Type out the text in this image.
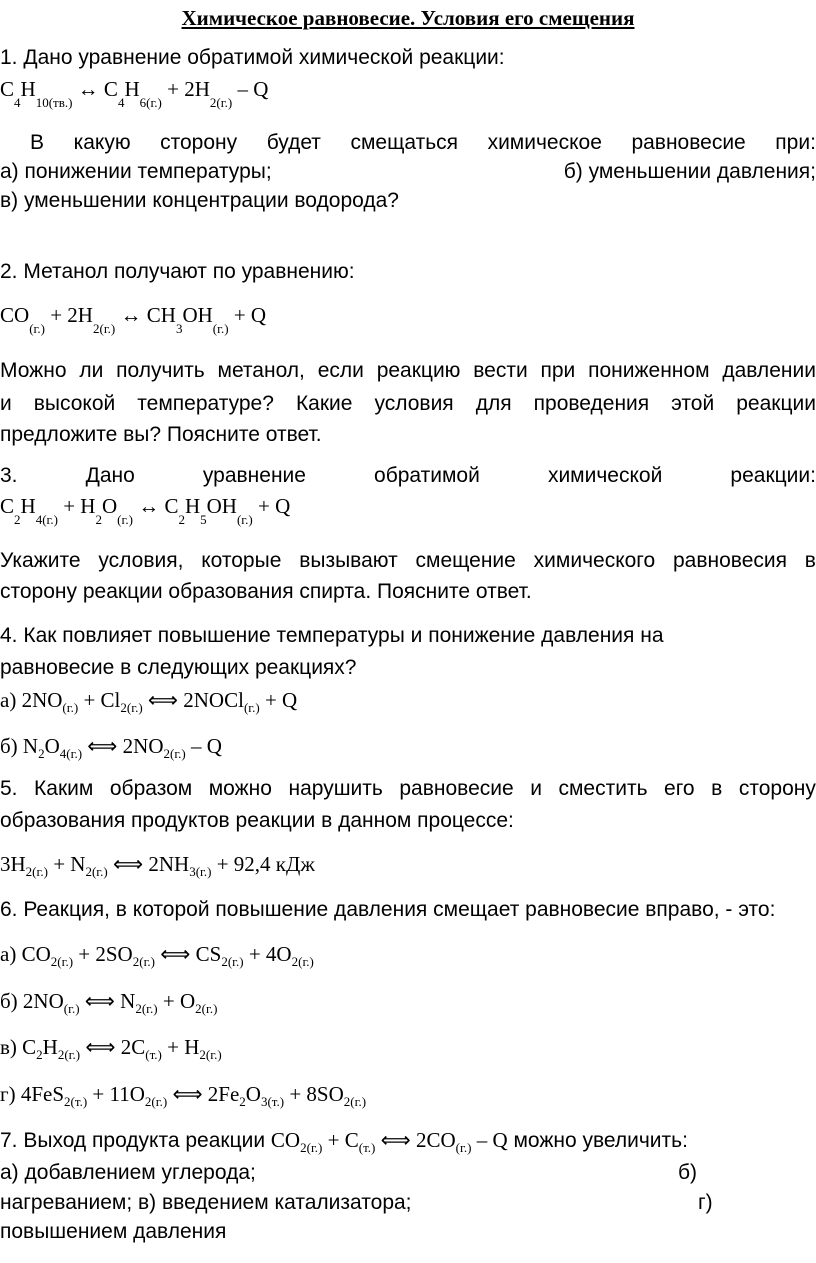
Химическое равновесие. Условия его смещения
1. Дано уравнение обратимой химической реакции:
$C_4H_{10(тв.)}$ ↔ $C_4H_{6(г.)} + 2H_{2(г.)} - Q$
В какую сторону будет смещаться химическое равновесие при:
а) понижении температуры;	б) уменьшении давления;
в) уменьшении концентрации водорода?
2. Метанол получают по уравнению:
$CO_{(г.)} + 2H_{2(г.)}$ ↔ $CH_3OH_{(г.)} + Q$
Можно ли получить метанол, если реакцию вести при пониженном давлении
и высокой температуре? Какие условия для проведения этой реакции
предложите вы? Поясните ответ.
3.	Дано	уравнение	обратимой	химической	реакции:
$C_2H_{4(г.)} + H_2O_{(г.)}$ ↔ $C_2H_5OH_{(г.)} + Q$
Укажите условия, которые вызывают смещение химического равновесия в
сторону реакции образования спирта. Поясните ответ.
4. Как повлияет повышение температуры и понижение давления на
равновесие в следующих реакциях?
а) $2NO_{(г.)} + Cl_{2(г.)}$ ⟺ 2NOCl$_{(г.)}$ + Q
б) $N_2O_{4(г.)}$ ⟺ $2NO_{2(г.)}$ – Q
5. Каким образом можно нарушить равновесие и сместить его в сторону
образования продуктов реакции в данном процессе:
$3H_{2(г.)} + N_{2(г.)}$ ⟺ $2NH_{3(г.)} + 92,4$ кДж
6. Реакция, в которой повышение давления смещает равновесие вправо, - это:
а) $CO_{2(г.)} + 2SO_{2(г.)}$ ⟺ $CS_{2(г.)} + 4O_{2(г.)}$
б) $2NO_{(г.)}$ ⟺ $N_{2(г.)} + O_{2(г.)}$
в) $C_2H_{2(г.)}$ ⟺ $2C_{(т.)} + H_{2(г.)}$
г) $4FeS_{2(т.)} + 11O_{2(г.)}$ ⟺ $2Fe_2O_{3(т.)} + 8SO_{2(г.)}$
7. Выход продукта реакции $CO_{2(г.)} + C_{(т.)}$ ⟺ $2CO_{(г.)}$ – Q можно увеличить:
а) добавлением углерода;	б)
нагреванием; в) введением катализатора;	г)
повышением давления
